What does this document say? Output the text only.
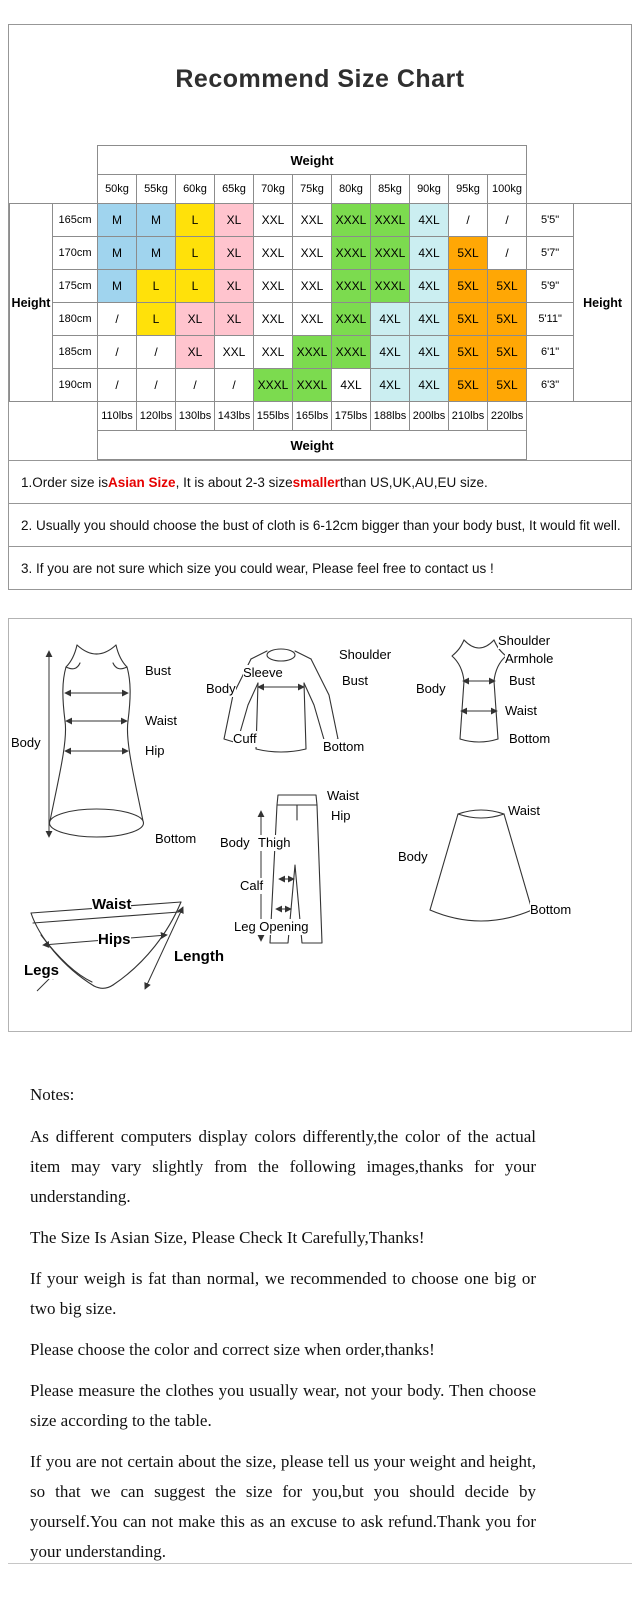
Recommend Size Chart
		Weight												
		50kg	55kg	60kg	65kg	70kg	75kg	80kg	85kg	90kg	95kg	100kg		
Height	165cm	M	M	L	XL	XXL	XXL	XXXL	XXXL	4XL	/	/	5'5"	Height
	170cm	M	M	L	XL	XXL	XXL	XXXL	XXXL	4XL	5XL	/	5'7"	
	175cm	M	L	L	XL	XXL	XXL	XXXL	XXXL	4XL	5XL	5XL	5'9"	
	180cm	/	L	XL	XL	XXL	XXL	XXXL	4XL	4XL	5XL	5XL	5'11"	
	185cm	/	/	XL	XXL	XXL	XXXL	XXXL	4XL	4XL	5XL	5XL	6'1"	
	190cm	/	/	/	/	XXXL	XXXL	4XL	4XL	4XL	5XL	5XL	6'3"	
		110lbs	120lbs	130lbs	143lbs	155lbs	165lbs	175lbs	188lbs	200lbs	210lbs	220lbs		
		Weight												
1.Order size is Asian Size , It is about 2-3 size smaller than US,UK,AU,EU size.
2. Usually you should choose the bust of cloth is 6-12cm bigger than your body bust, It would fit well.
3. If you are not sure which size you could wear, Please feel free to contact us !
Bust
Waist
Hip
Body
Bottom
Shoulder
Sleeve
Body
Bust
Cuff
Bottom
Shoulder
Armhole
Body
Bust
Waist
Bottom
Waist
Hip
Body Thigh
Calf
Leg Opening
Waist
Body
Bottom
Waist
Hips
Legs
Length
Notes:

As different computers display colors differently,the color of the actual item may vary slightly from the following images,thanks for your understanding.

The Size Is Asian Size, Please Check It Carefully,Thanks!

If your weigh is fat than normal, we recommended to choose one big or two big size.

Please choose the color and correct size when order,thanks!

Please measure the clothes you usually wear, not your body. Then choose size according to the table.

If you are not certain about the size, please tell us your weight and height, so that we can suggest the size for you,but you should decide by yourself.You can not make this as an excuse to ask refund.Thank you for your understanding.
